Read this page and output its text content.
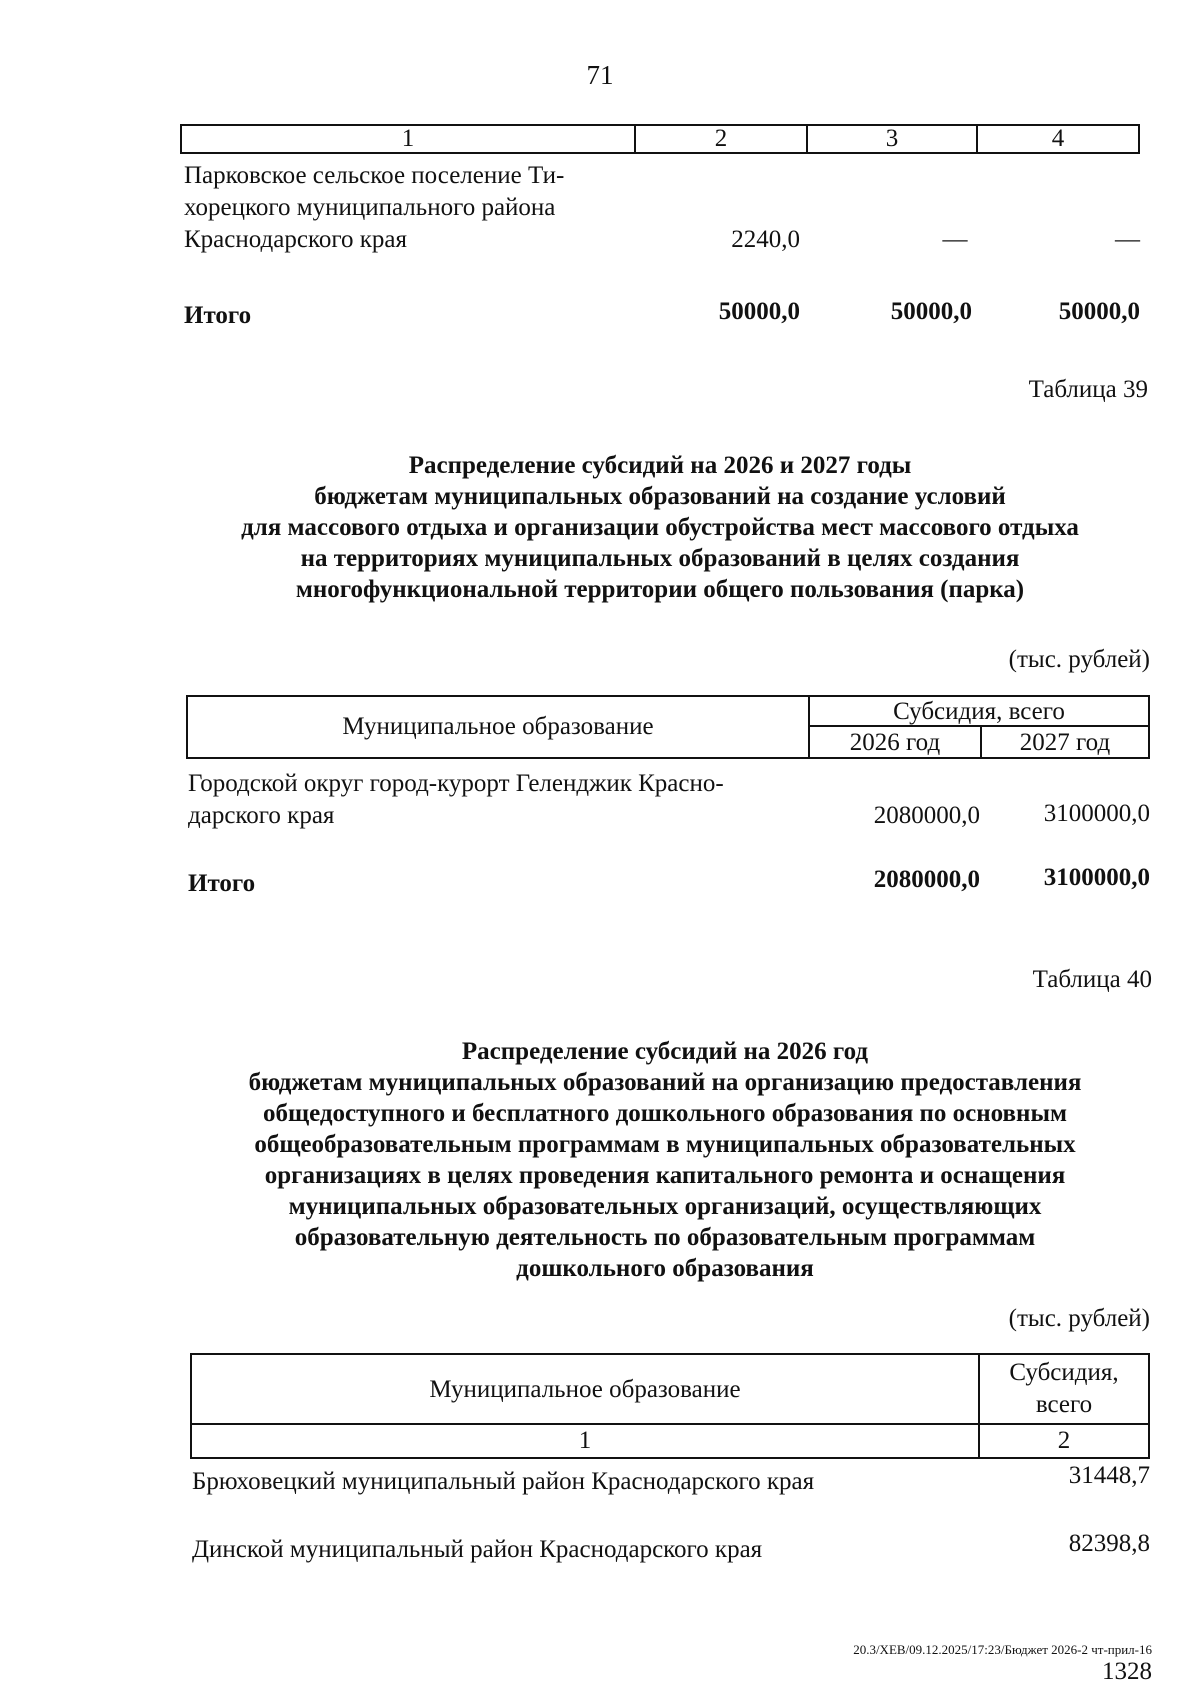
71
1	2	3	4
Парковское сельское поселение Ти-
хорецкого муниципального района
Краснодарского края	2240,0	—	—
Итого	50000,0	50000,0	50000,0
Таблица 39
Распределение субсидий на 2026 и 2027 годы
бюджетам муниципальных образований на создание условий
для массового отдыха и организации обустройства мест массового отдыха
на территориях муниципальных образований в целях создания
многофункциональной территории общего пользования (парка)
(тыс. рублей)
Муниципальное образование
Субсидия, всего
2026 год	2027 год
Городской округ город-курорт Геленджик Красно-
дарского края	2080000,0	3100000,0
Итого	2080000,0	3100000,0
Таблица 40
Распределение субсидий на 2026 год
бюджетам муниципальных образований на организацию предоставления
общедоступного и бесплатного дошкольного образования по основным
общеобразовательным программам в муниципальных образовательных
организациях в целях проведения капитального ремонта и оснащения
муниципальных образовательных организаций, осуществляющих
образовательную деятельность по образовательным программам
дошкольного образования
(тыс. рублей)
Муниципальное образование
Субсидия,
всего
1	2
Брюховецкий муниципальный район Краснодарского края	31448,7
Динской муниципальный район Краснодарского края	82398,8
20.3/ХЕВ/09.12.2025/17:23/Бюджет 2026-2 чт-прил-16
1328
